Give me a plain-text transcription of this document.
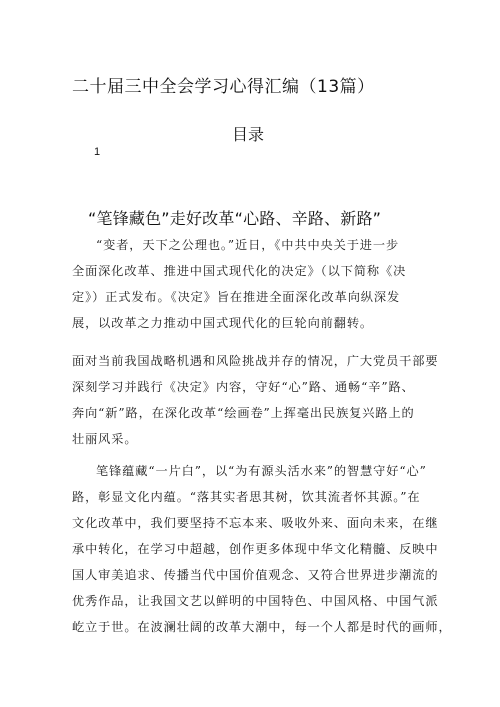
二十届三中全会学习心得汇编（13篇）
目录
1
“笔锋藏色”走好改革“心路、辛路、新路”
“变者，天下之公理也。”近日，《中共中央关于进一步
全面深化改革、推进中国式现代化的决定》（以下简称《决
定》）正式发布。《决定》旨在推进全面深化改革向纵深发
展，以改革之力推动中国式现代化的巨轮向前翻转。
面对当前我国战略机遇和风险挑战并存的情况，广大党员干部要
深刻学习并践行《决定》内容，守好“心”路、通畅“辛”路、
奔向“新”路，在深化改革“绘画卷”上挥毫出民族复兴路上的
壮丽风采。
笔锋蕴藏“一片白”，以“为有源头活水来”的智慧守好“心”
路，彰显文化内蕴。“落其实者思其树，饮其流者怀其源。”在
文化改革中，我们要坚持不忘本来、吸收外来、面向未来，在继
承中转化，在学习中超越，创作更多体现中华文化精髓、反映中
国人审美追求、传播当代中国价值观念、又符合世界进步潮流的
优秀作品，让我国文艺以鲜明的中国特色、中国风格、中国气派
屹立于世。在波澜壮阔的改革大潮中，每一个人都是时代的画师，
